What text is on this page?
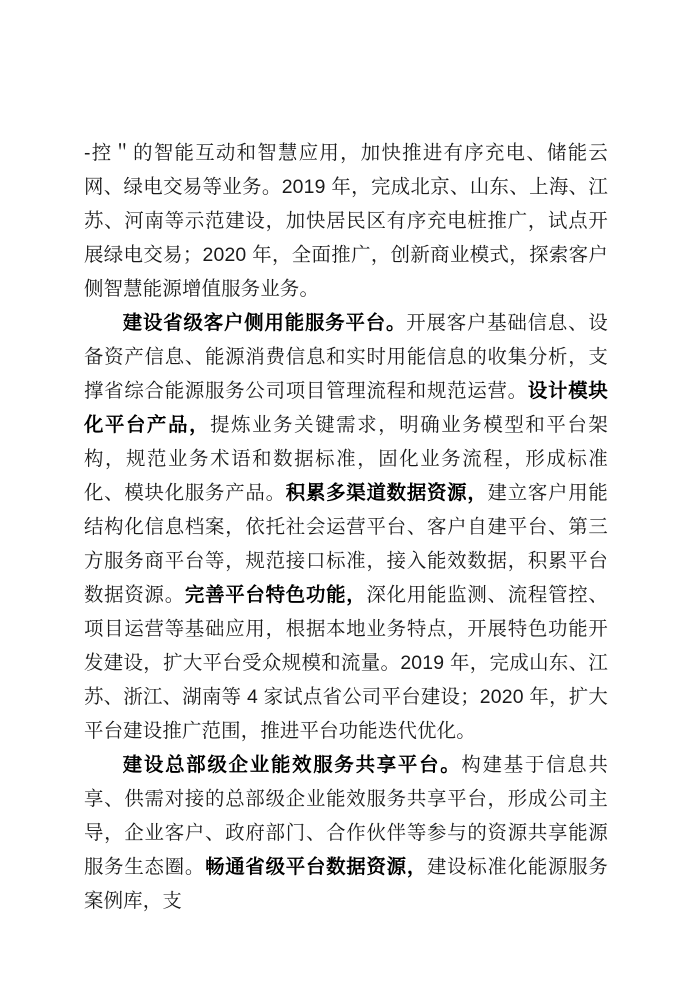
-控＂的智能互动和智慧应用，加快推进有序充电、储能云网、绿电交易等业务。2019 年，完成北京、山东、上海、江苏、河南等示范建设，加快居民区有序充电桩推广，试点开展绿电交易；2020 年，全面推广，创新商业模式，探索客户侧智慧能源增值服务业务。

建设省级客户侧用能服务平台。开展客户基础信息、设备资产信息、能源消费信息和实时用能信息的收集分析，支撑省综合能源服务公司项目管理流程和规范运营。设计模块化平台产品，提炼业务关键需求，明确业务模型和平台架构，规范业务术语和数据标准，固化业务流程，形成标准化、模块化服务产品。积累多渠道数据资源，建立客户用能结构化信息档案，依托社会运营平台、客户自建平台、第三方服务商平台等，规范接口标准，接入能效数据，积累平台数据资源。完善平台特色功能，深化用能监测、流程管控、项目运营等基础应用，根据本地业务特点，开展特色功能开发建设，扩大平台受众规模和流量。2019 年，完成山东、江苏、浙江、湖南等 4 家试点省公司平台建设；2020 年，扩大平台建设推广范围，推进平台功能迭代优化。

建设总部级企业能效服务共享平台。构建基于信息共享、供需对接的总部级企业能效服务共享平台，形成公司主导，企业客户、政府部门、合作伙伴等参与的资源共享能源服务生态圈。畅通省级平台数据资源，建设标准化能源服务案例库，支
